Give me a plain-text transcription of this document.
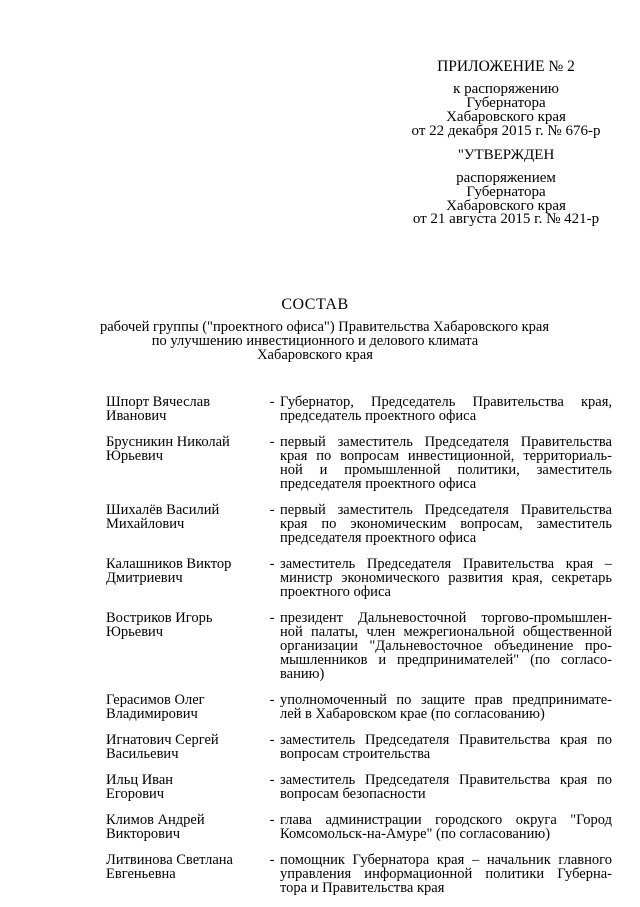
ПРИЛОЖЕНИЕ № 2
к распоряжению
Губернатора
Хабаровского края
от 22 декабря 2015 г. № 676-р
"УТВЕРЖДЕН
распоряжением
Губернатора
Хабаровского края
от 21 августа 2015 г. № 421-р
СОСТАВ
рабочей группы ("проектного офиса") Правительства Хабаровского края
по улучшению инвестиционного и делового климата
Хабаровского края
Шпорт Вячеслав
Иванович
- Губернатор, Председатель Правительства края,
председатель проектного офиса
Брусникин Николай
Юрьевич
- первый заместитель Председателя Правительства
края по вопросам инвестиционной, территориаль-
ной и промышленной политики, заместитель
председателя проектного офиса
Шихалёв Василий
Михайлович
- первый заместитель Председателя Правительства
края по экономическим вопросам, заместитель
председателя проектного офиса
Калашников Виктор
Дмитриевич
- заместитель Председателя Правительства края –
министр экономического развития края, секретарь
проектного офиса
Востриков Игорь
Юрьевич
- президент Дальневосточной торгово-промышлен-
ной палаты, член межрегиональной общественной
организации "Дальневосточное объединение про-
мышленников и предпринимателей" (по согласо-
ванию)
Герасимов Олег
Владимирович
- уполномоченный по защите прав предпринимате-
лей в Хабаровском крае (по согласованию)
Игнатович Сергей
Васильевич
- заместитель Председателя Правительства края по
вопросам строительства
Ильц Иван
Егорович
- заместитель Председателя Правительства края по
вопросам безопасности
Климов Андрей
Викторович
- глава администрации городского округа "Город
Комсомольск-на-Амуре" (по согласованию)
Литвинова Светлана
Евгеньевна
- помощник Губернатора края – начальник главного
управления информационной политики Губерна-
тора и Правительства края
